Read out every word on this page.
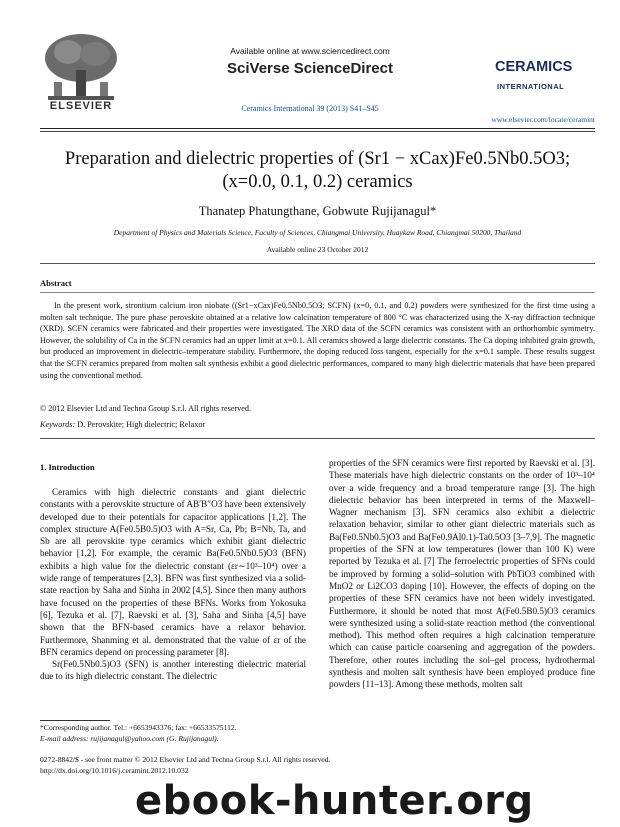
ELSEVIER
Available online at www.sciencedirect.com
SciVerse ScienceDirect
Ceramics International 39 (2013) S41–S45
CERAMICS
INTERNATIONAL
www.elsevier.com/locate/ceramint
Preparation and dielectric properties of (Sr1 − xCax)Fe0.5Nb0.5O3;
(x=0.0, 0.1, 0.2) ceramics
Thanatep Phatungthane, Gobwute Rujijanagul*
Department of Physics and Materials Science, Faculty of Sciences, Chiangmai University, Huaykaw Road, Chiangmai 50200, Thailand
Available online 23 October 2012
Abstract
In the present work, strontium calcium iron niobate ((Sr1−xCax)Fe0.5Nb0.5O3; SCFN) (x=0, 0.1, and 0.2) powders were synthesized for the first time using a molten salt technique. The pure phase perovskite obtained at a relative low calcination temperature of 800 °C was characterized using the X-ray diffraction technique (XRD). SCFN ceramics were fabricated and their properties were investigated. The XRD data of the SCFN ceramics was consistent with an orthorhombic symmetry. However, the solubility of Ca in the SCFN ceramics had an upper limit at x=0.1. All ceramics showed a large dielectric constants. The Ca doping inhibited grain growth, but produced an improvement in dielectric–temperature stability. Furthermore, the doping reduced loss tangent, especially for the x=0.1 sample. These results suggest that the SCFN ceramics prepared from molten salt synthesis exhibit a good dielectric performances, compared to many high dielectric materials that have been prepared using the conventional method.
© 2012 Elsevier Ltd and Techna Group S.r.l. All rights reserved.
Keywords: D. Perovskite; High dielectric; Relaxor
1. Introduction

Ceramics with high dielectric constants and giant dielectric constants with a perovskite structure of AB′B″O3 have been extensively developed due to their potentials for capacitor applications [1,2]. The complex structure A(Fe0.5B0.5)O3 with A=Sr, Ca, Pb; B=Nb, Ta, and Sb are all perovskite type ceramics which exhibit giant dielectric behavior [1,2]. For example, the ceramic Ba(Fe0.5Nb0.5)O3 (BFN) exhibits a high value for the dielectric constant (εr∼10³–10⁴) over a wide range of temperatures [2,3]. BFN was first synthesized via a solid-state reaction by Saha and Sinha in 2002 [4,5]. Since then many authors have focused on the properties of these BFNs. Works from Yokosuka [6], Tezuka et al. [7], Raevski et al. [3], Saha and Sinha [4,5] have shown that the BFN-based ceramics have a relaxor behavior. Furthermore, Shanming et al. demonstrated that the value of εr of the BFN ceramics depend on processing parameter [8].

Sr(Fe0.5Nb0.5)O3 (SFN) is another interesting dielectric material due to its high dielectric constant. The dielectric

properties of the SFN ceramics were first reported by Raevski et al. [3]. These materials have high dielectric constants on the order of 10³–10⁴ over a wide frequency and a broad temperature range [3]. The high dielectric behavior has been interpreted in terms of the Maxwell–Wagner mechanism [3]. SFN ceramics also exhibit a dielectric relaxation behavior, similar to other giant dielectric materials such as Ba(Fe0.5Nb0.5)O3 and Ba(Fe0.9Al0.1)-Ta0.5O3 [3–7,9]. The magnetic properties of the SFN at low temperatures (lower than 100 K) were reported by Tezuka et al. [7] The ferroelectric properties of SFNs could be improved by forming a solid–solution with PbTiO3 combined with MnO2 or Li2CO3 doping [10]. However, the effects of doping on the properties of these SFN ceramics have not been widely investigated. Furthermore, it should be noted that most A(Fe0.5B0.5)O3 ceramics were synthesized using a solid-state reaction method (the conventional method). This method often requires a high calcination temperature which can cause particle coarsening and aggregation of the powders. Therefore, other routes including the sol–gel process, hydrothermal synthesis and molten salt synthesis have been employed produce fine powders [11–13]. Among these methods, molten salt

*Corresponding author. Tel.: +6653943376; fax: +66533575112.
E-mail address: rujijanagul@yahoo.com (G. Rujijanagul).
0272-8842/$ - see front matter © 2012 Elsevier Ltd and Techna Group S.r.l. All rights reserved.
http://dx.doi.org/10.1016/j.ceramint.2012.10.032
ebook-hunter.org
